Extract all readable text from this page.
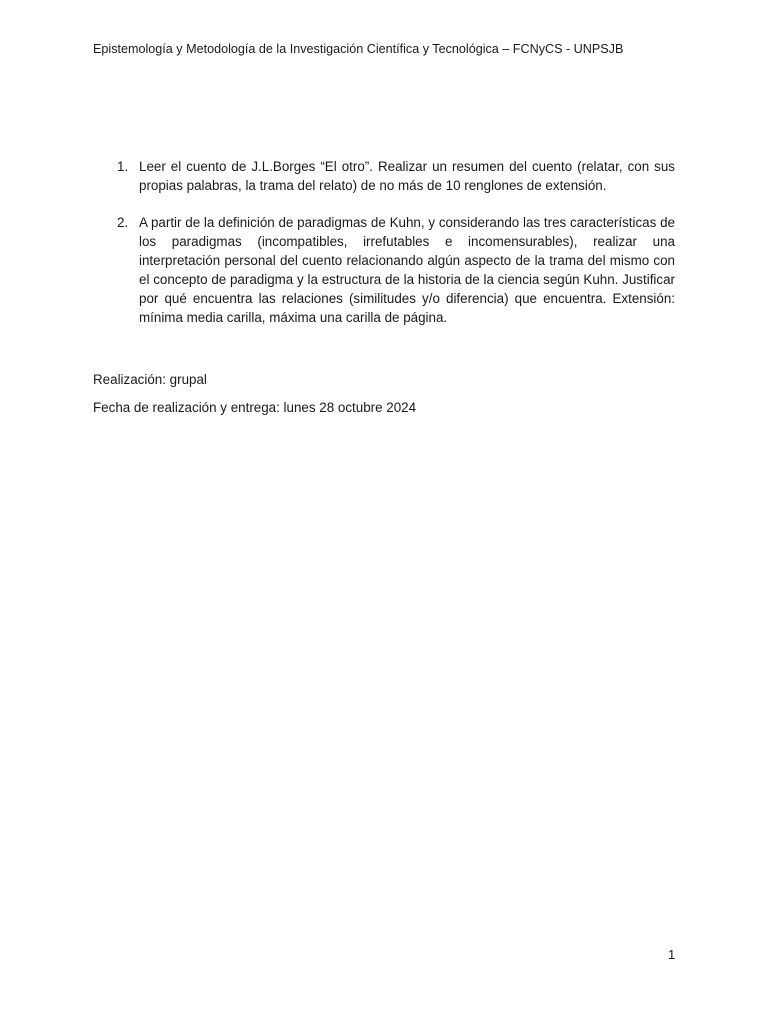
Epistemología y Metodología de la Investigación Científica y Tecnológica – FCNyCS - UNPSJB
1. Leer el cuento de J.L.Borges “El otro”. Realizar un resumen del cuento (relatar, con sus propias palabras, la trama del relato) de no más de 10 renglones de extensión.
2. A partir de la definición de paradigmas de Kuhn, y considerando las tres características de los paradigmas (incompatibles, irrefutables e incomensurables), realizar una interpretación personal del cuento relacionando algún aspecto de la trama del mismo con el concepto de paradigma y la estructura de la historia de la ciencia según Kuhn. Justificar por qué encuentra las relaciones (similitudes y/o diferencia) que encuentra. Extensión: mínima media carilla, máxima una carilla de página.
Realización: grupal
Fecha de realización y entrega: lunes 28 octubre 2024
1
